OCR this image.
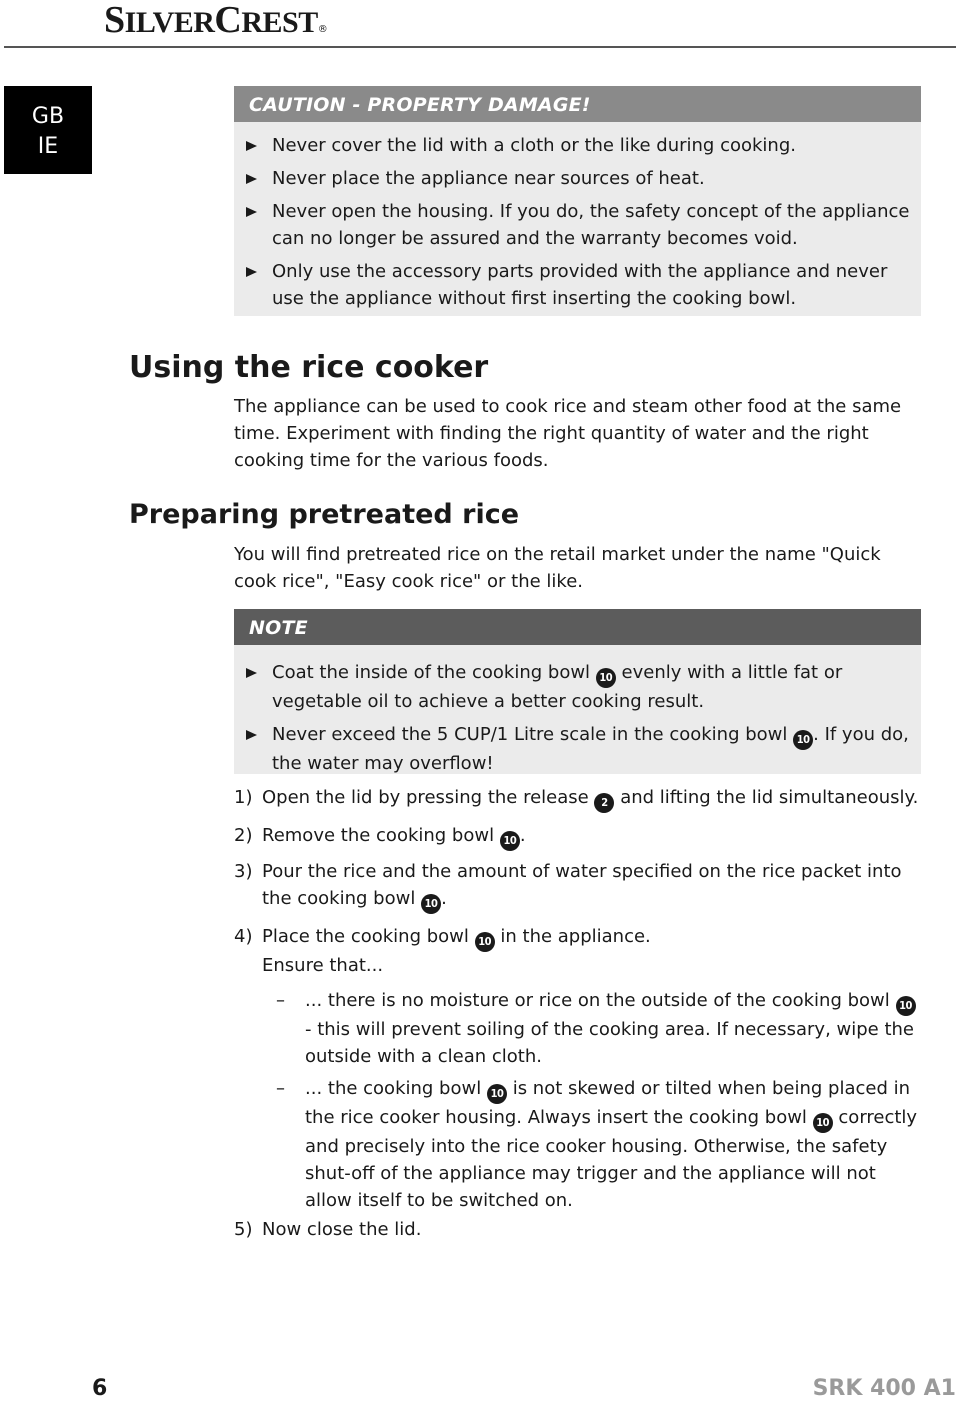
SILVERCREST®
GB
IE
CAUTION - PROPERTY DAMAGE!
Never cover the lid with a cloth or the like during cooking.
Never place the appliance near sources of heat.
Never open the housing. If you do, the safety concept of the appliance can no longer be assured and the warranty becomes void.
Only use the accessory parts provided with the appliance and never use the appliance without first inserting the cooking bowl.
Using the rice cooker

The appliance can be used to cook rice and steam other food at the same time. Experiment with finding the right quantity of water and the right cooking time for the various foods.

Preparing pretreated rice

You will find pretreated rice on the retail market under the name "Quick cook rice", "Easy cook rice" or the like.

NOTE
Coat the inside of the cooking bowl 10 evenly with a little fat or vegetable oil to achieve a better cooking result.
Never exceed the 5 CUP/1 Litre scale in the cooking bowl 10 . If you do, the water may overflow!
1) Open the lid by pressing the release 2 and lifting the lid simultaneously.
2) Remove the cooking bowl 10 .
3) Pour the rice and the amount of water specified on the rice packet into the cooking bowl 10 .
4) Place the cooking bowl 10 in the appliance.
Ensure that...
– ... there is no moisture or rice on the outside of the cooking bowl 10 - this will prevent soiling of the cooking area. If necessary, wipe the outside with a clean cloth.
– ... the cooking bowl 10 is not skewed or tilted when being placed in the rice cooker housing. Always insert the cooking bowl 10 correctly and precisely into the rice cooker housing. Otherwise, the safety shut-off of the appliance may trigger and the appliance will not allow itself to be switched on.
5) Now close the lid.
6	SRK 400 A1
